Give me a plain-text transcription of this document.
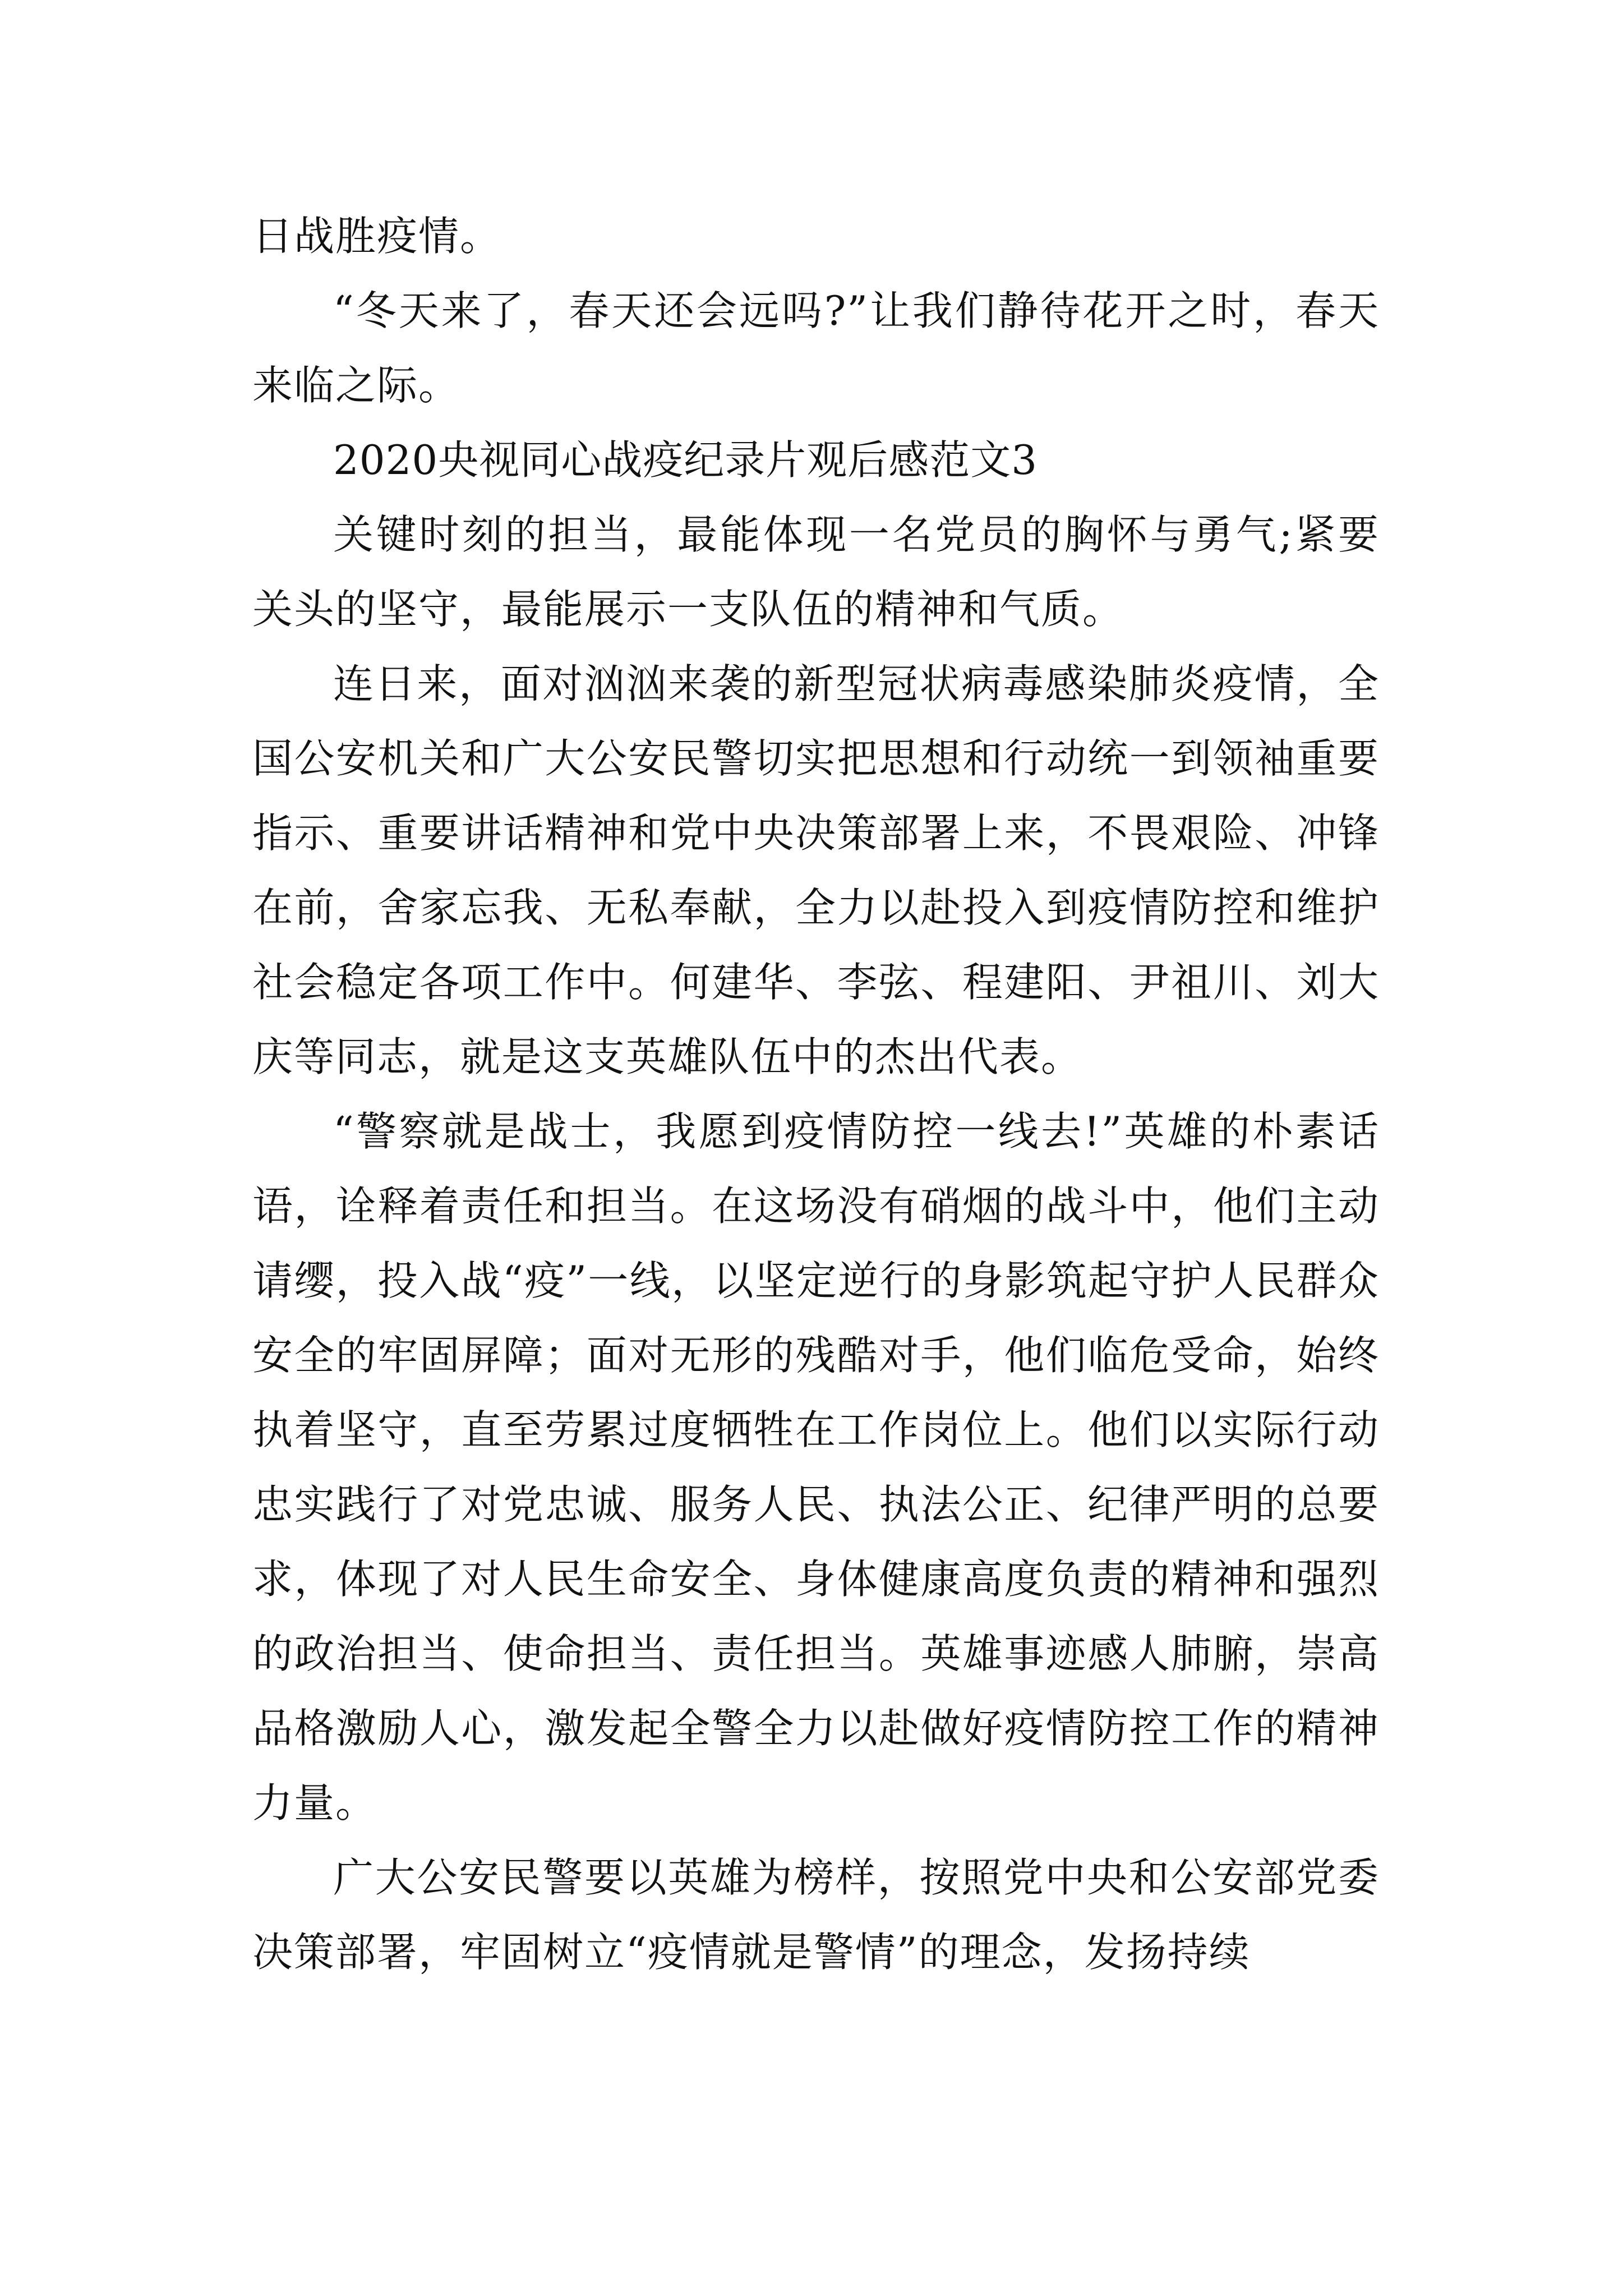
日战胜疫情。

“冬天来了，春天还会远吗?”让我们静待花开之时，春天来临之际。

2020央视同心战疫纪录片观后感范文3

关键时刻的担当，最能体现一名党员的胸怀与勇气;紧要关头的坚守，最能展示一支队伍的精神和气质。

连日来，面对汹汹来袭的新型冠状病毒感染肺炎疫情，全国公安机关和广大公安民警切实把思想和行动统一到领袖重要指示、重要讲话精神和党中央决策部署上来，不畏艰险、冲锋在前，舍家忘我、无私奉献，全力以赴投入到疫情防控和维护社会稳定各项工作中。何建华、李弦、程建阳、尹祖川、刘大庆等同志，就是这支英雄队伍中的杰出代表。

“警察就是战士，我愿到疫情防控一线去!”英雄的朴素话语，诠释着责任和担当。在这场没有硝烟的战斗中，他们主动请缨，投入战“疫”一线，以坚定逆行的身影筑起守护人民群众安全的牢固屏障；面对无形的残酷对手，他们临危受命，始终执着坚守，直至劳累过度牺牲在工作岗位上。他们以实际行动忠实践行了对党忠诚、服务人民、执法公正、纪律严明的总要求，体现了对人民生命安全、身体健康高度负责的精神和强烈的政治担当、使命担当、责任担当。英雄事迹感人肺腑，崇高品格激励人心，激发起全警全力以赴做好疫情防控工作的精神力量。

广大公安民警要以英雄为榜样，按照党中央和公安部党委决策部署，牢固树立“疫情就是警情”的理念，发扬持续
